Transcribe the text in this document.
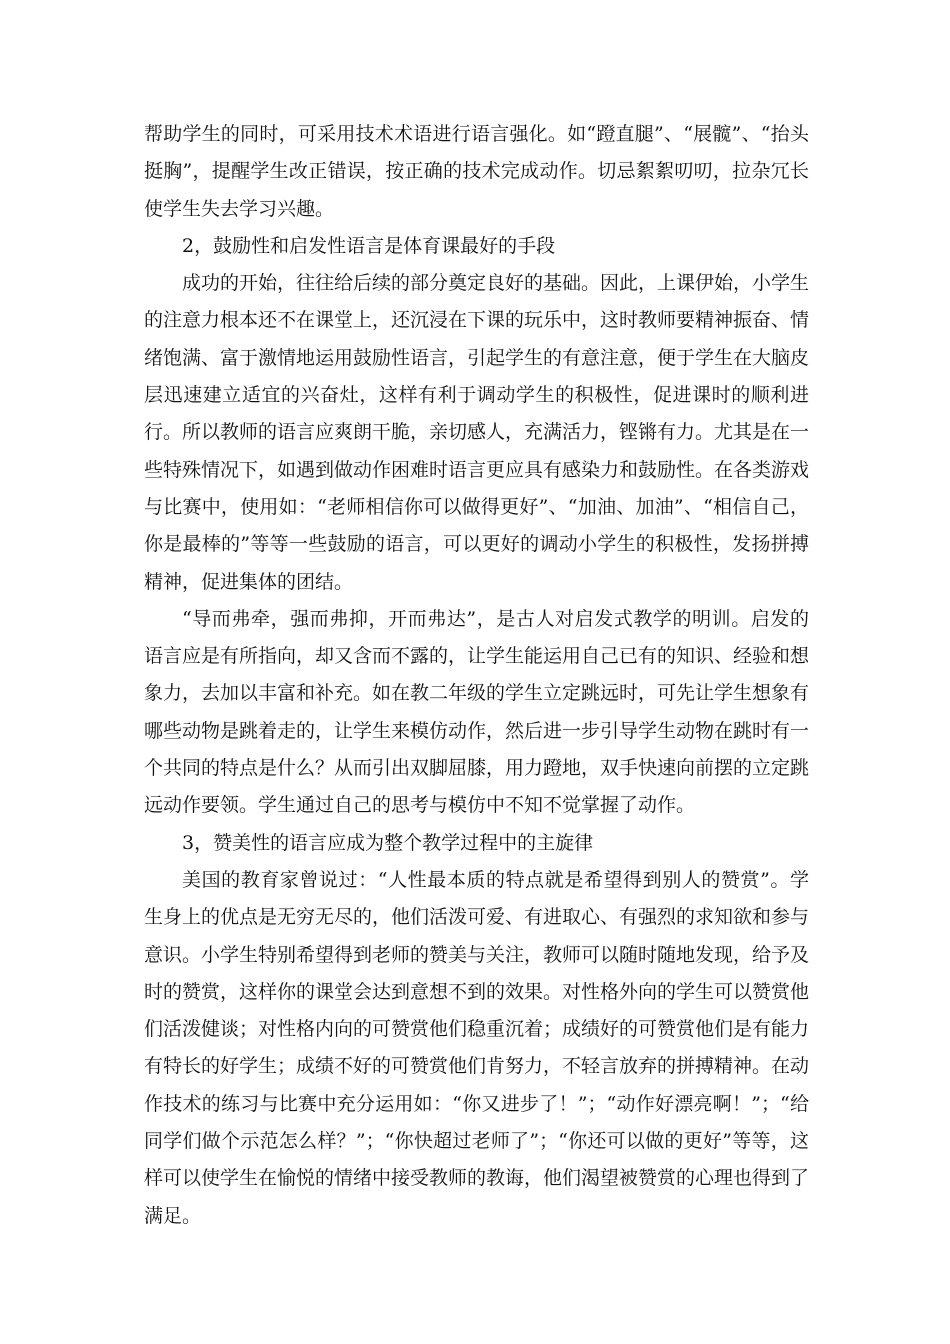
帮助学生的同时，可采用技术术语进行语言强化。如“蹬直腿”、“展髋”、“抬头挺胸”，提醒学生改正错误，按正确的技术完成动作。切忌絮絮叨叨，拉杂冗长使学生失去学习兴趣。

2，鼓励性和启发性语言是体育课最好的手段

成功的开始，往往给后续的部分奠定良好的基础。因此，上课伊始，小学生的注意力根本还不在课堂上，还沉浸在下课的玩乐中，这时教师要精神振奋、情绪饱满、富于激情地运用鼓励性语言，引起学生的有意注意，便于学生在大脑皮层迅速建立适宜的兴奋灶，这样有利于调动学生的积极性，促进课时的顺利进行。所以教师的语言应爽朗干脆，亲切感人，充满活力，铿锵有力。尤其是在一些特殊情况下，如遇到做动作困难时语言更应具有感染力和鼓励性。在各类游戏与比赛中，使用如：“老师相信你可以做得更好”、“加油、加油”、“相信自己，你是最棒的”等等一些鼓励的语言，可以更好的调动小学生的积极性，发扬拼搏精神，促进集体的团结。

“导而弗牵，强而弗抑，开而弗达”，是古人对启发式教学的明训。启发的语言应是有所指向，却又含而不露的，让学生能运用自己已有的知识、经验和想象力，去加以丰富和补充。如在教二年级的学生立定跳远时，可先让学生想象有哪些动物是跳着走的，让学生来模仿动作，然后进一步引导学生动物在跳时有一个共同的特点是什么？从而引出双脚屈膝，用力蹬地，双手快速向前摆的立定跳远动作要领。学生通过自己的思考与模仿中不知不觉掌握了动作。

3，赞美性的语言应成为整个教学过程中的主旋律

美国的教育家曾说过：“人性最本质的特点就是希望得到别人的赞赏”。学生身上的优点是无穷无尽的，他们活泼可爱、有进取心、有强烈的求知欲和参与意识。小学生特别希望得到老师的赞美与关注，教师可以随时随地发现，给予及时的赞赏，这样你的课堂会达到意想不到的效果。对性格外向的学生可以赞赏他们活泼健谈；对性格内向的可赞赏他们稳重沉着；成绩好的可赞赏他们是有能力有特长的好学生；成绩不好的可赞赏他们肯努力，不轻言放弃的拼搏精神。在动作技术的练习与比赛中充分运用如：“你又进步了！”；“动作好漂亮啊！”；“给同学们做个示范怎么样？”；“你快超过老师了”；“你还可以做的更好”等等，这样可以使学生在愉悦的情绪中接受教师的教诲，他们渴望被赞赏的心理也得到了满足。
